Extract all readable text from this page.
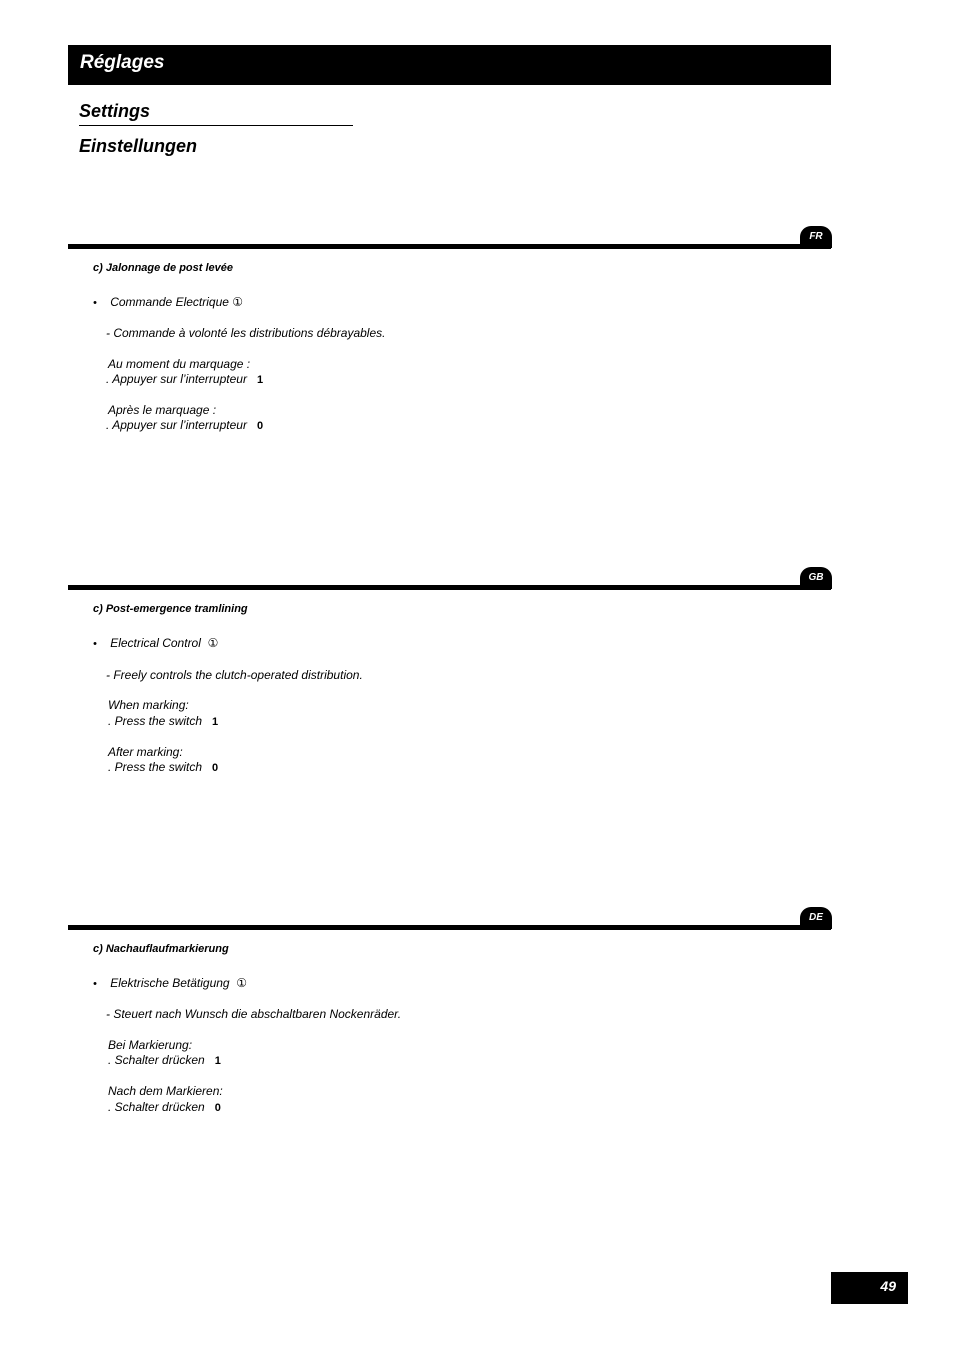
Réglages
Settings
Einstellungen
FR
c) Jalonnage de post levée
• Commande Electrique ①
- Commande à volonté les distributions débrayables.
Au moment du marquage :
. Appuyer sur l’interrupteur 1
Après le marquage :
. Appuyer sur l’interrupteur 0
GB
c) Post-emergence tramlining
• Electrical Control ①
- Freely controls the clutch-operated distribution.
When marking:
. Press the switch 1
After marking:
. Press the switch 0
DE
c) Nachauflaufmarkierung
• Elektrische Betätigung ①
- Steuert nach Wunsch die abschaltbaren Nockenräder.
Bei Markierung:
. Schalter drücken 1
Nach dem Markieren:
. Schalter drücken 0
49
